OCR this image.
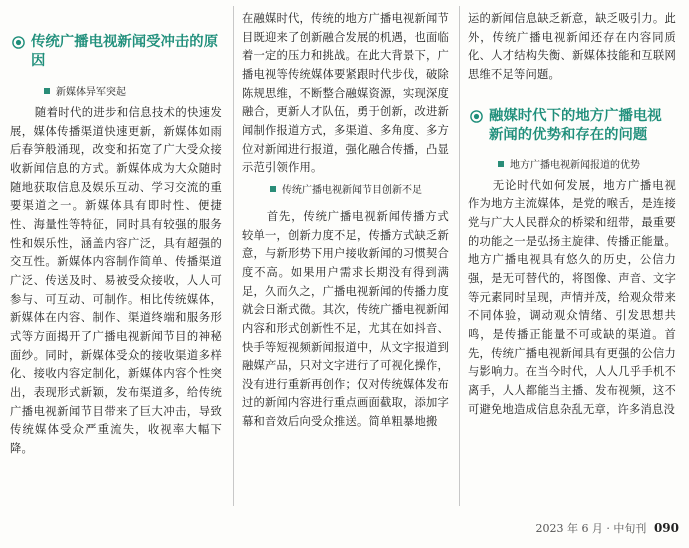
传统广播电视新闻受冲击的原因

新媒体异军突起

随着时代的进步和信息技术的快速发展，媒体传播渠道快速更新，新媒体如雨后春笋般涌现，改变和拓宽了广大受众接收新闻信息的方式。新媒体成为大众随时随地获取信息及娱乐互动、学习交流的重要渠道之一。新媒体具有即时性、便捷性、海量性等特征，同时具有较强的服务性和娱乐性，涵盖内容广泛，具有超强的交互性。新媒体内容制作简单、传播渠道广泛、传送及时、易被受众接收，人人可参与、可互动、可制作。相比传统媒体，新媒体在内容、制作、渠道终端和服务形式等方面揭开了广播电视新闻节目的神秘面纱。同时，新媒体受众的接收渠道多样化、接收内容定制化，新媒体内容个性突出，表现形式新颖，发布渠道多，给传统广播电视新闻节目带来了巨大冲击，导致传统媒体受众严重流失，收视率大幅下降。

在融媒时代，传统的地方广播电视新闻节目既迎来了创新融合发展的机遇，也面临着一定的压力和挑战。在此大背景下，广播电视等传统媒体要紧跟时代步伐，破除陈规思维，不断整合融媒资源，实现深度融合，更新人才队伍，勇于创新，改进新闻制作报道方式，多渠道、多角度、多方位对新闻进行报道，强化融合传播，凸显示范引领作用。

传统广播电视新闻节目创新不足

首先，传统广播电视新闻传播方式较单一，创新力度不足，传播方式缺乏新意，与新形势下用户接收新闻的习惯契合度不高。如果用户需求长期没有得到满足，久而久之，广播电视新闻的传播力度就会日渐式微。其次，传统广播电视新闻内容和形式创新性不足，尤其在如抖音、快手等短视频新闻报道中，从文字报道到融媒产品，只对文字进行了可视化操作，没有进行重新再创作；仅对传统媒体发布过的新闻内容进行重点画面截取，添加字幕和音效后向受众推送。简单粗暴地搬

运的新闻信息缺乏新意，缺乏吸引力。此外，传统广播电视新闻还存在内容同质化、人才结构失衡、新媒体技能和互联网思维不足等问题。

融媒时代下的地方广播电视新闻的优势和存在的问题

地方广播电视新闻报道的优势

无论时代如何发展，地方广播电视作为地方主流媒体，是党的喉舌，是连接党与广大人民群众的桥梁和纽带，最重要的功能之一是弘扬主旋律、传播正能量。地方广播电视具有悠久的历史，公信力强，是无可替代的，将图像、声音、文字等元素同时呈现，声情并茂，给观众带来不同体验，调动观众情绪、引发思想共鸣，是传播正能量不可或缺的渠道。首先，传统广播电视新闻具有更强的公信力与影响力。在当今时代，人人几乎手机不离手，人人都能当主播、发布视频，这不可避免地造成信息杂乱无章，许多消息没

2023 年 6 月 · 中旬刊 090
